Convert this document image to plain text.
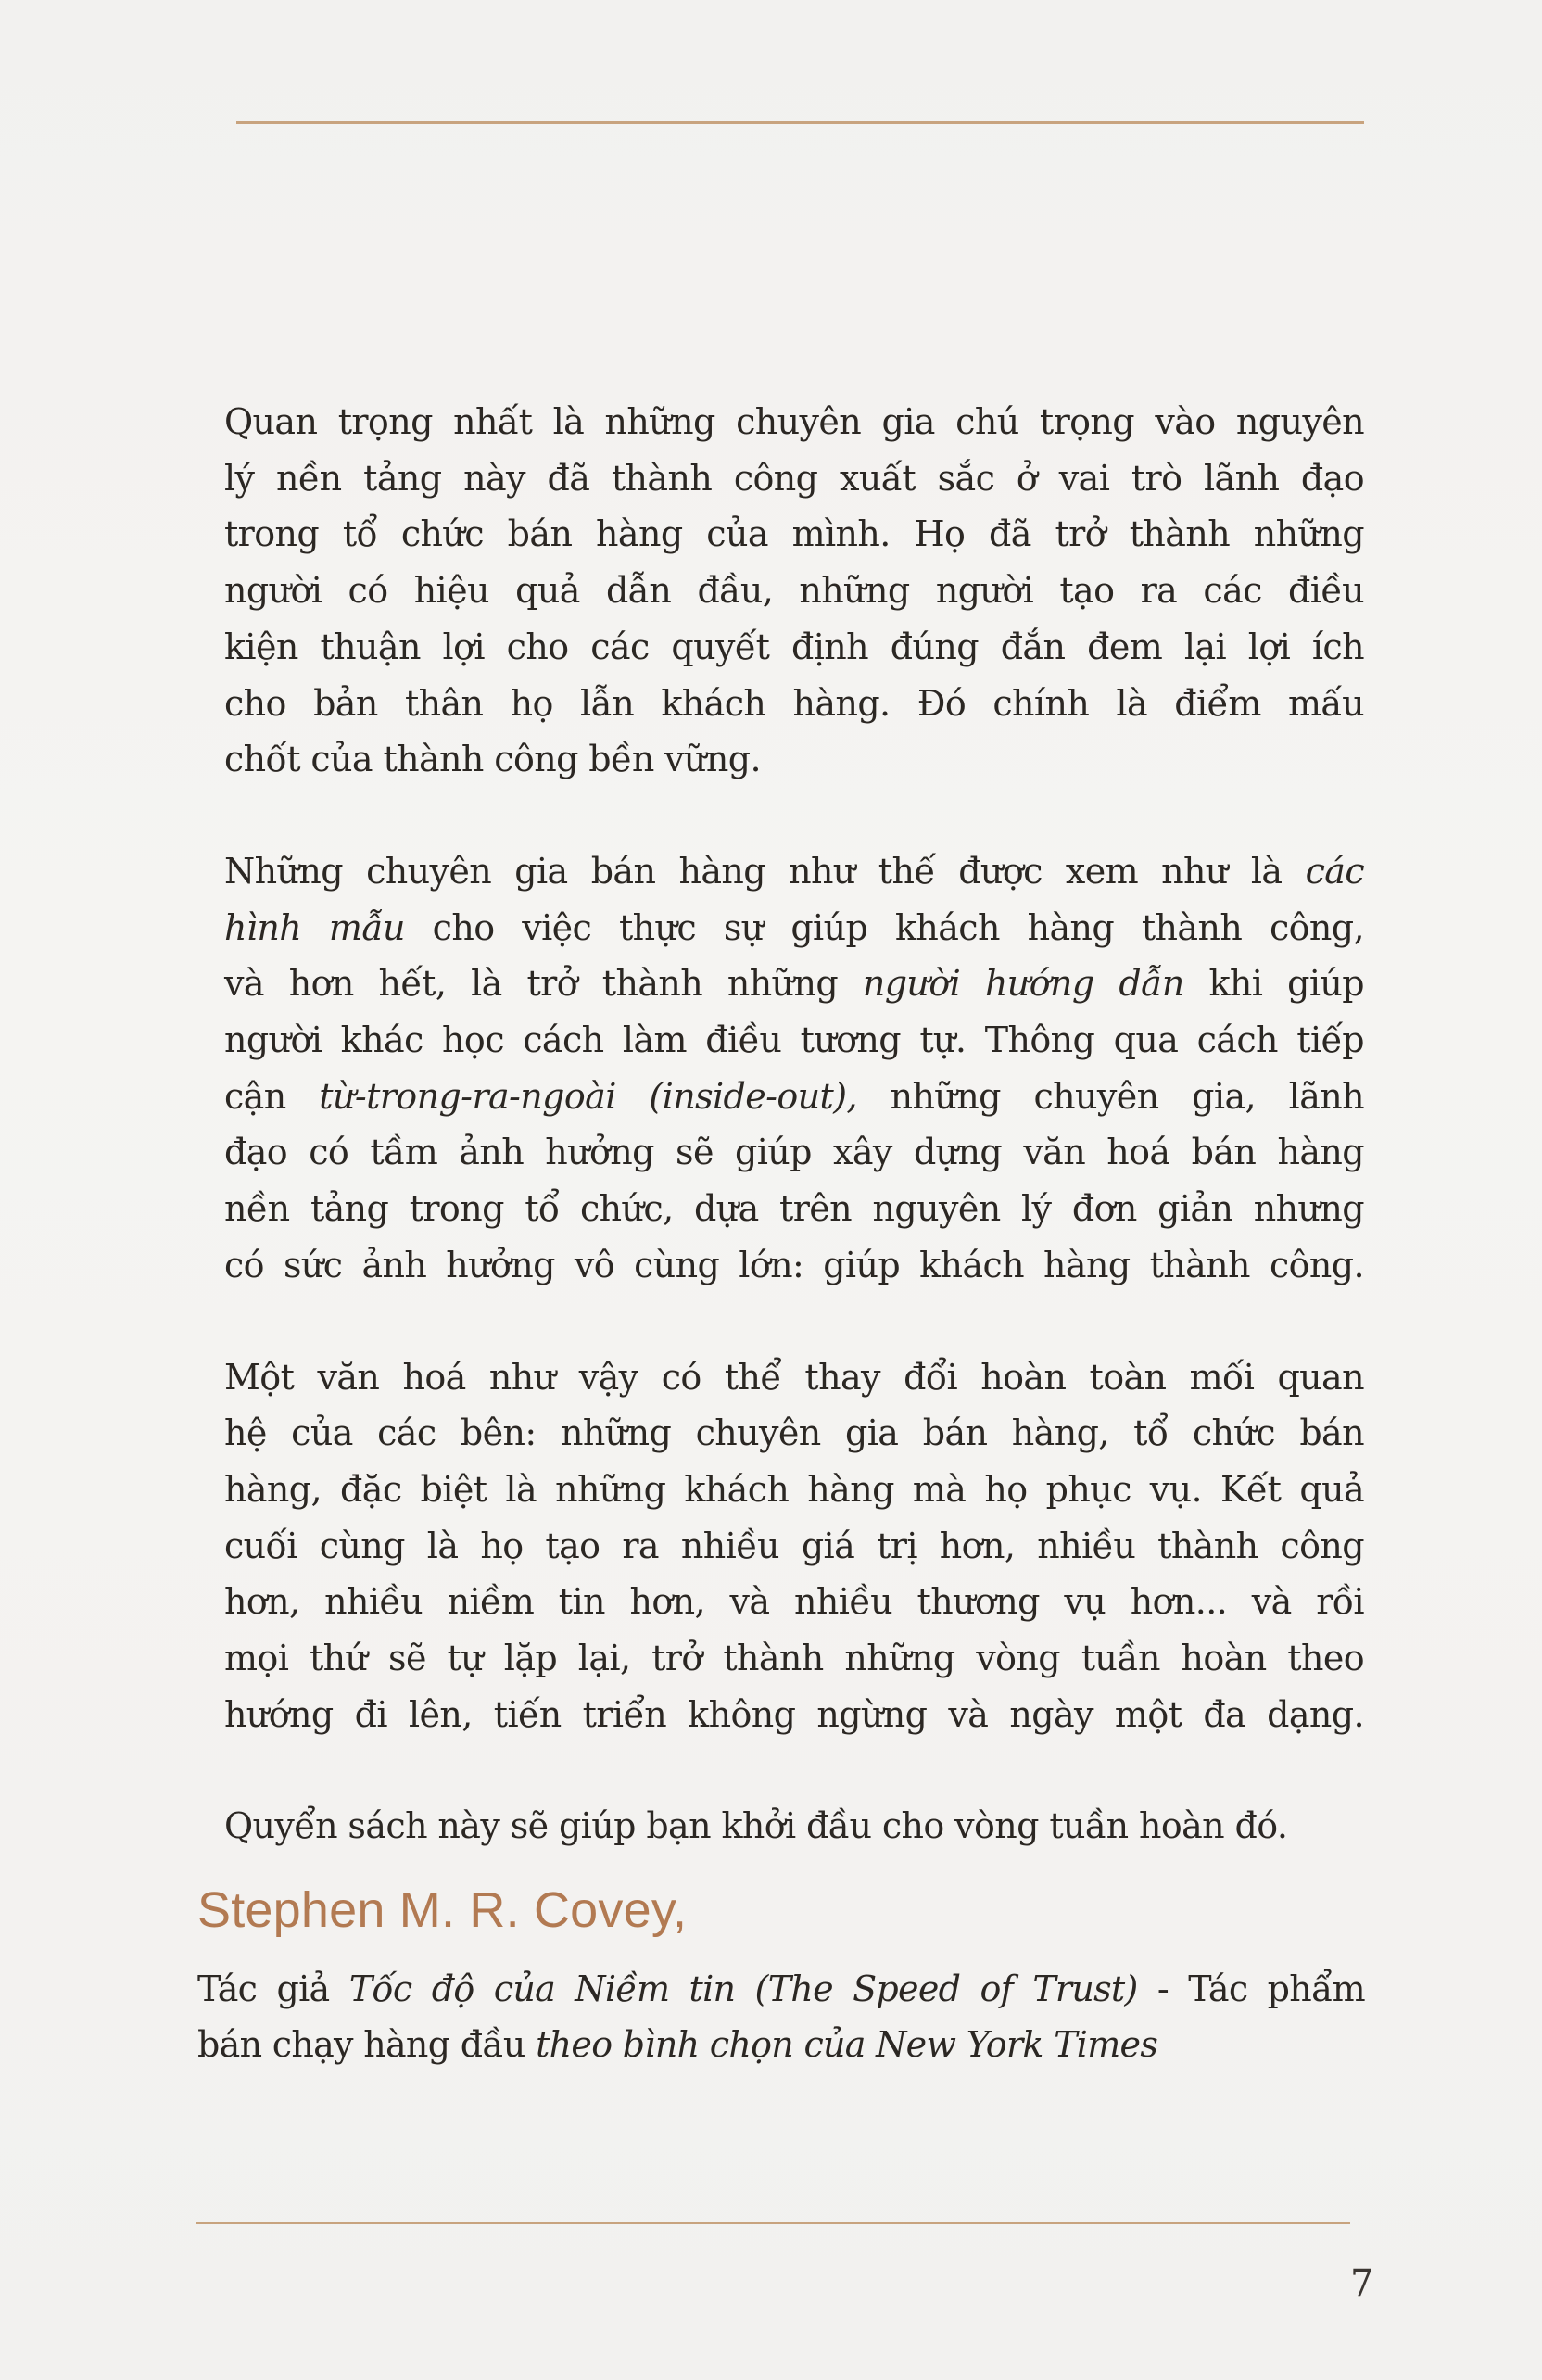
Quan trọng nhất là những chuyên gia chú trọng vào nguyên
lý nền tảng này đã thành công xuất sắc ở vai trò lãnh đạo
trong tổ chức bán hàng của mình. Họ đã trở thành những
người có hiệu quả dẫn đầu, những người tạo ra các điều
kiện thuận lợi cho các quyết định đúng đắn đem lại lợi ích
cho bản thân họ lẫn khách hàng. Đó chính là điểm mấu
chốt của thành công bền vững.

Những chuyên gia bán hàng như thế được xem như là các
hình mẫu cho việc thực sự giúp khách hàng thành công,
và hơn hết, là trở thành những người hướng dẫn khi giúp
người khác học cách làm điều tương tự. Thông qua cách tiếp
cận từ-trong-ra-ngoài (inside-out), những chuyên gia, lãnh
đạo có tầm ảnh hưởng sẽ giúp xây dựng văn hoá bán hàng
nền tảng trong tổ chức, dựa trên nguyên lý đơn giản nhưng
có sức ảnh hưởng vô cùng lớn: giúp khách hàng thành công.

Một văn hoá như vậy có thể thay đổi hoàn toàn mối quan
hệ của các bên: những chuyên gia bán hàng, tổ chức bán
hàng, đặc biệt là những khách hàng mà họ phục vụ. Kết quả
cuối cùng là họ tạo ra nhiều giá trị hơn, nhiều thành công
hơn, nhiều niềm tin hơn, và nhiều thương vụ hơn... và rồi
mọi thứ sẽ tự lặp lại, trở thành những vòng tuần hoàn theo
hướng đi lên, tiến triển không ngừng và ngày một đa dạng.

Quyển sách này sẽ giúp bạn khởi đầu cho vòng tuần hoàn đó.

Stephen M. R. Covey,
Tác giả Tốc độ của Niềm tin (The Speed of Trust) - Tác phẩm
bán chạy hàng đầu theo bình chọn của New York Times
7
